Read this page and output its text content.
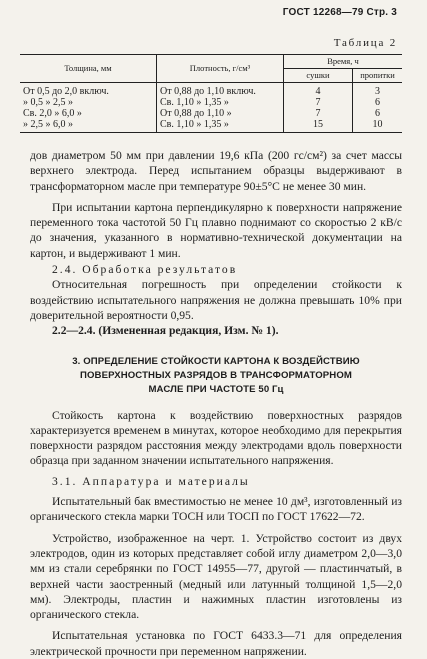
ГОСТ 12268—79 Стр. 3
Таблица 2
Толщина, мм	Плотность, г/см³	Время, ч	
		сушки	пропитки
От 0,5 до 2,0 включ.	От 0,88 до 1,10 включ.	4	3
» 0,5 » 2,5 »	Св. 1,10 » 1,35 »	7	6
Св. 2,0 » 6,0 »	От 0,88 до 1,10 »	7	6
» 2,5 » 6,0 »	Св. 1,10 » 1,35 »	15	10

дов диаметром 50 мм при давлении 19,6 кПа (200 гс/см²) за счет массы верхнего электрода. Перед испытанием образцы выдерживают в трансформаторном масле при температуре 90±5°С не менее 30 мин.

При испытании картона перпендикулярно к поверхности напряжение переменного тока частотой 50 Гц плавно поднимают со скоростью 2 кВ/с до значения, указанного в нормативно-технической документации на картон, и выдерживают 1 мин.

2.4. Обработка результатов

Относительная погрешность при определении стойкости к воздействию испытательного напряжения не должна превышать 10% при доверительной вероятности 0,95.

2.2—2.4. (Измененная редакция, Изм. № 1).

3. ОПРЕДЕЛЕНИЕ СТОЙКОСТИ КАРТОНА К ВОЗДЕЙСТВИЮ
ПОВЕРХНОСТНЫХ РАЗРЯДОВ В ТРАНСФОРМАТОРНОМ
МАСЛЕ ПРИ ЧАСТОТЕ 50 Гц

Стойкость картона к воздействию поверхностных разрядов характеризуется временем в минутах, которое необходимо для перекрытия поверхности разрядом расстояния между электродами вдоль поверхности образца при заданном значении испытательного напряжения.

3.1. Аппаратура и материалы

Испытательный бак вместимостью не менее 10 дм³, изготовленный из органического стекла марки ТОСН или ТОСП по ГОСТ 17622—72.

Устройство, изображенное на черт. 1. Устройство состоит из двух электродов, один из которых представляет собой иглу диаметром 2,0—3,0 мм из стали серебрянки по ГОСТ 14955—77, другой — пластинчатый, в верхней части заостренный (медный или латунный толщиной 1,5—2,0 мм). Электроды, пластин и нажимных пластин изготовлены из органического стекла.

Испытательная установка по ГОСТ 6433.3—71 для определения электрической прочности при переменном напряжении.
